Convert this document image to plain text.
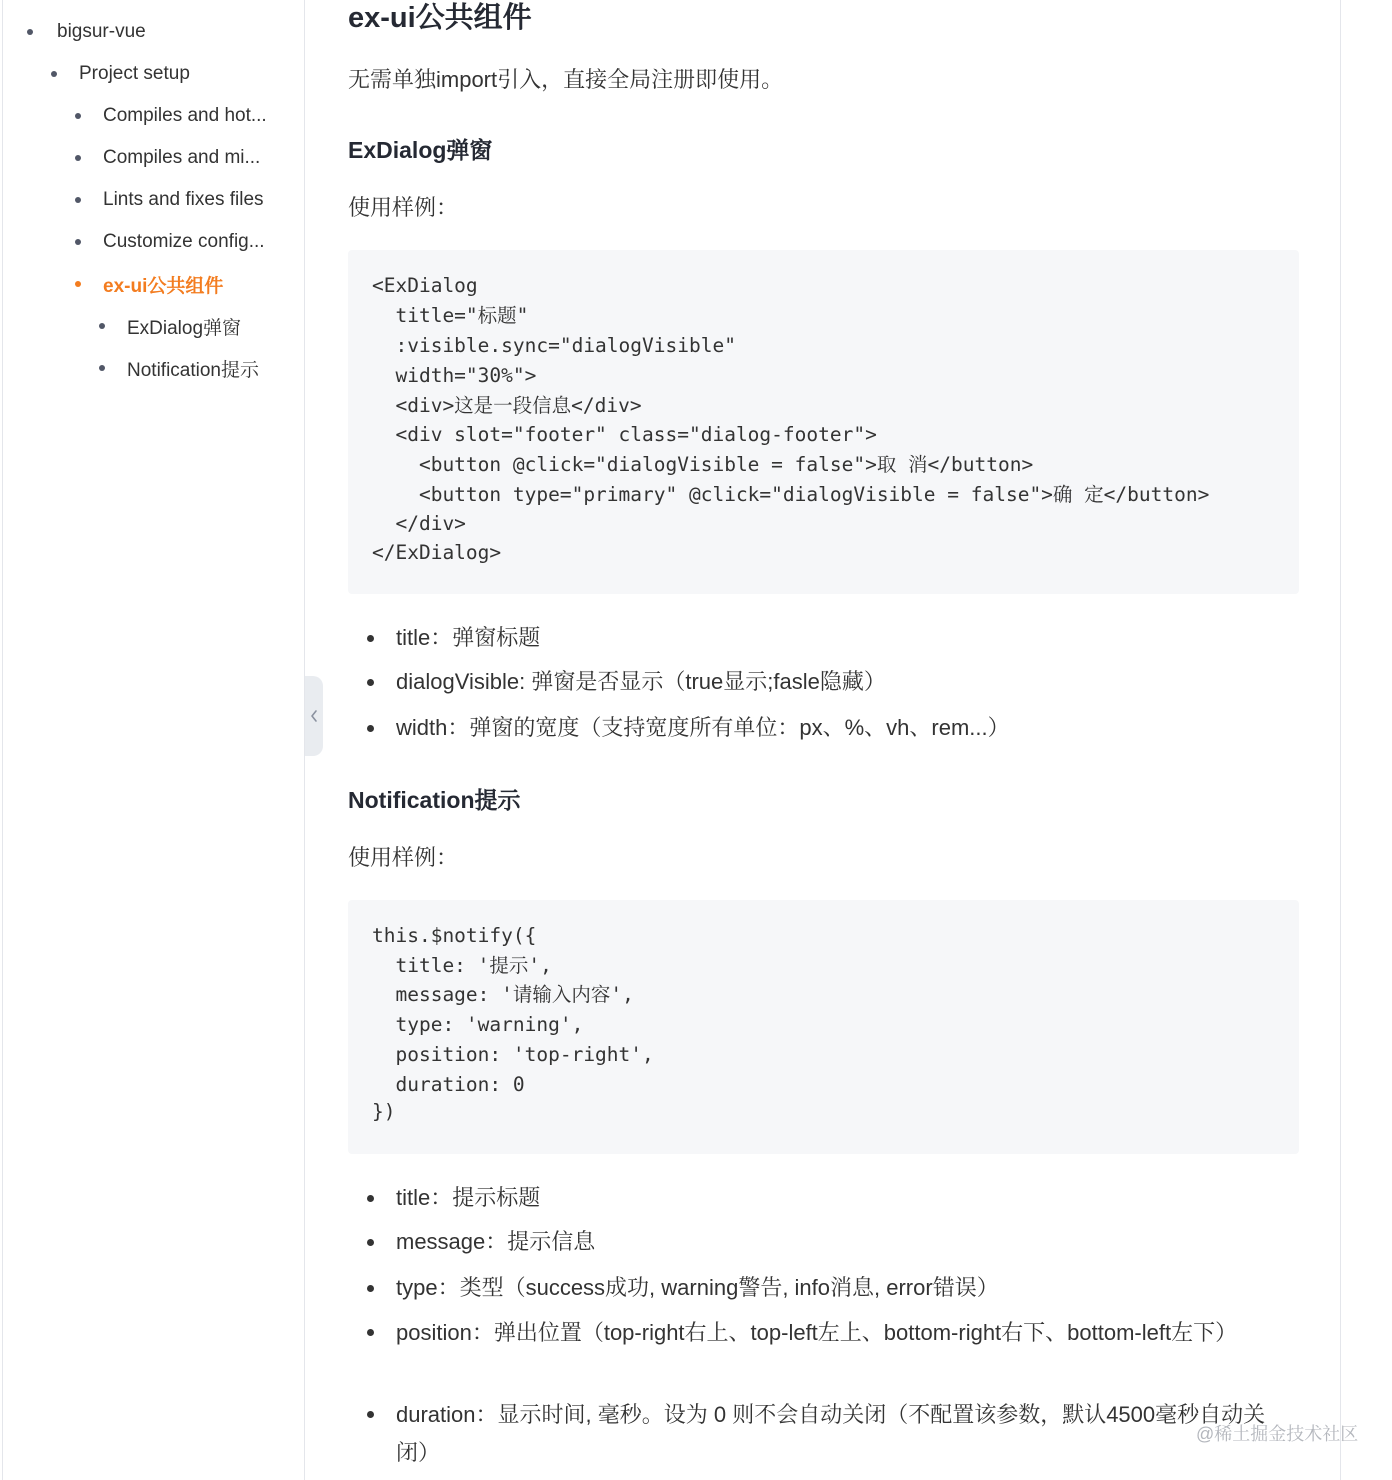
bigsur-vue
Project setup
Compiles and hot...
Compiles and mi...
Lints and fixes files
Customize config...
ex-ui公共组件
ExDialog弹窗
Notification提示
ex-ui公共组件

无需单独import引入，直接全局注册即使用。

ExDialog弹窗

使用样例：

<ExDialog
title="标题"
:visible.sync="dialogVisible"
width="30%">
<div>这是一段信息</div>
<div slot="footer" class="dialog-footer">
<button @click="dialogVisible = false">取 消</button>
<button type="primary" @click="dialogVisible = false">确 定</button>
</div>
</ExDialog>
title：弹窗标题
dialogVisible: 弹窗是否显示（true显示;fasle隐藏）
width：弹窗的宽度（支持宽度所有单位：px、%、vh、rem...）
Notification提示

使用样例：

this.$notify({
title: '提示',
message: '请输入内容',
type: 'warning',
position: 'top-right',
duration: 0
})
title：提示标题
message：提示信息
type：类型（success成功, warning警告, info消息, error错误）
position：弹出位置（top-right右上、top-left左上、bottom-right右下、bottom-left左下）
duration：显示时间, 毫秒。设为 0 则不会自动关闭（不配置该参数，默认4500毫秒自动关闭）
@稀土掘金技术社区
